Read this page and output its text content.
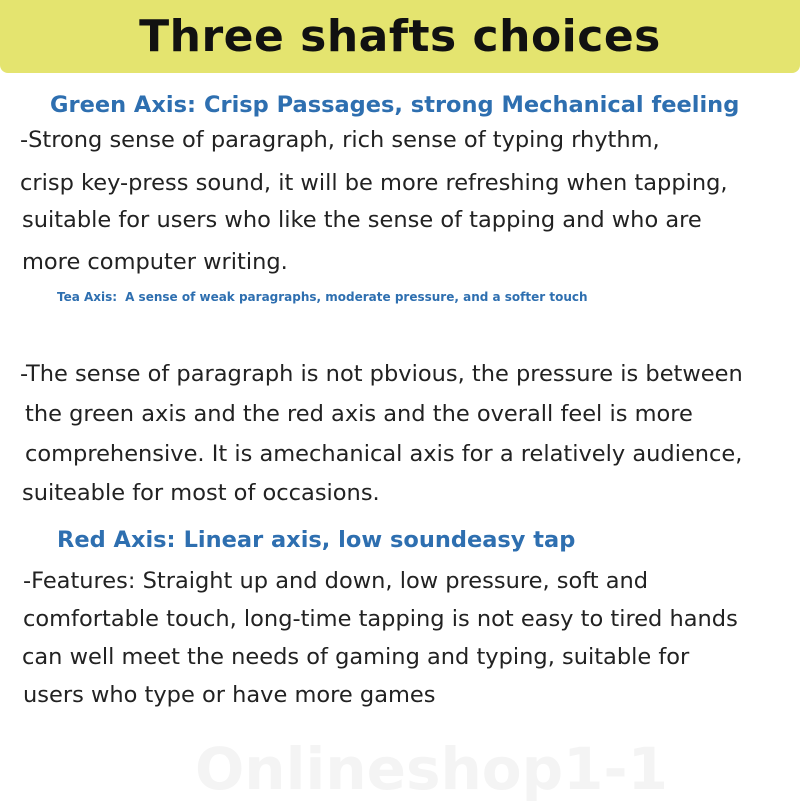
Three shafts choices
Green Axis: Crisp Passages, strong Mechanical feeling
-Strong sense of paragraph, rich sense of typing rhythm,
crisp key-press sound, it will be more refreshing when tapping,
suitable for users who like the sense of tapping and who are
more computer writing.
Tea Axis: A sense of weak paragraphs, moderate pressure, and a softer touch
-The sense of paragraph is not pbvious, the pressure is between
the green axis and the red axis and the overall feel is more
comprehensive. It is amechanical axis for a relatively audience,
suiteable for most of occasions.
Red Axis: Linear axis, low soundeasy tap
-Features: Straight up and down, low pressure, soft and
comfortable touch, long-time tapping is not easy to tired hands
can well meet the needs of gaming and typing, suitable for
users who type or have more games
Onlineshop1-1
